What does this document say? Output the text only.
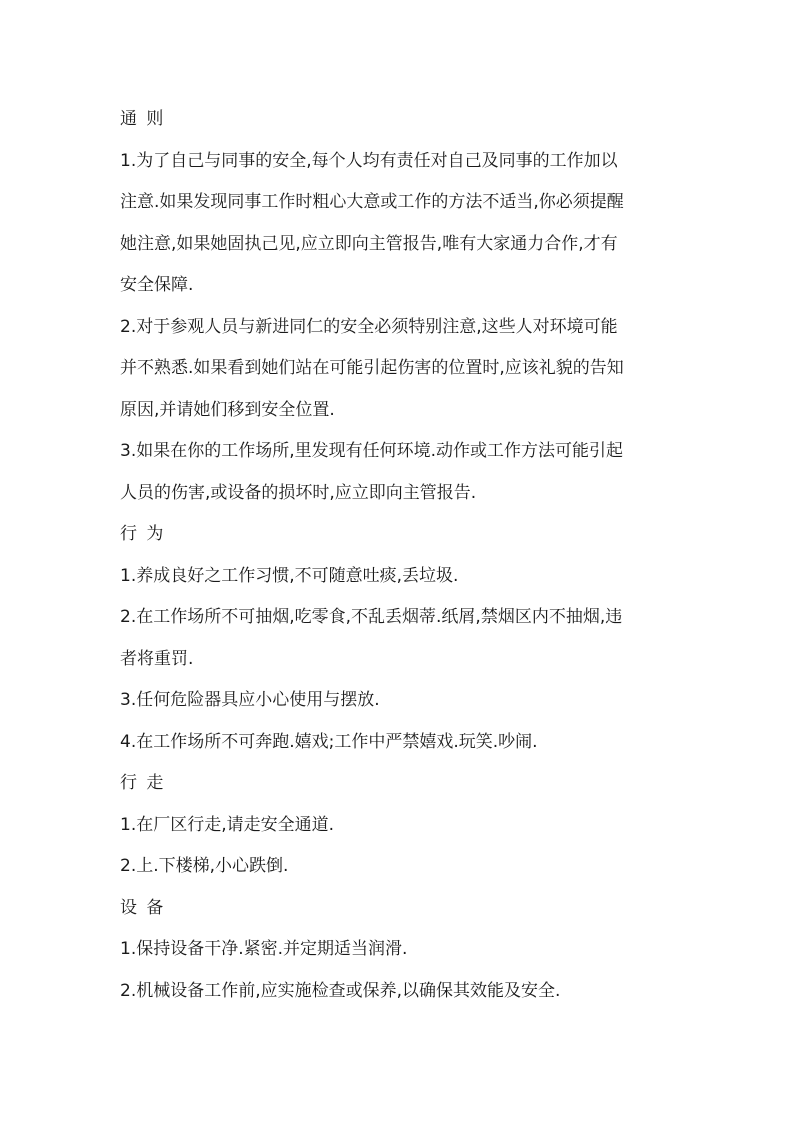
通 则
1.为了自己与同事的安全,每个人均有责任对自己及同事的工作加以
注意.如果发现同事工作时粗心大意或工作的方法不适当,你必须提醒
她注意,如果她固执己见,应立即向主管报告,唯有大家通力合作,才有
安全保障.
2.对于参观人员与新进同仁的安全必须特别注意,这些人对环境可能
并不熟悉.如果看到她们站在可能引起伤害的位置时,应该礼貌的告知
原因,并请她们移到安全位置.
3.如果在你的工作场所,里发现有任何环境.动作或工作方法可能引起
人员的伤害,或设备的损坏时,应立即向主管报告.
行 为
1.养成良好之工作习惯,不可随意吐痰,丢垃圾.
2.在工作场所不可抽烟,吃零食,不乱丢烟蒂.纸屑,禁烟区内不抽烟,违
者将重罚.
3.任何危险器具应小心使用与摆放.
4.在工作场所不可奔跑.嬉戏;工作中严禁嬉戏.玩笑.吵闹.
行 走
1.在厂区行走,请走安全通道.
2.上.下楼梯,小心跌倒.
设 备
1.保持设备干净.紧密.并定期适当润滑.
2.机械设备工作前,应实施检查或保养,以确保其效能及安全.
